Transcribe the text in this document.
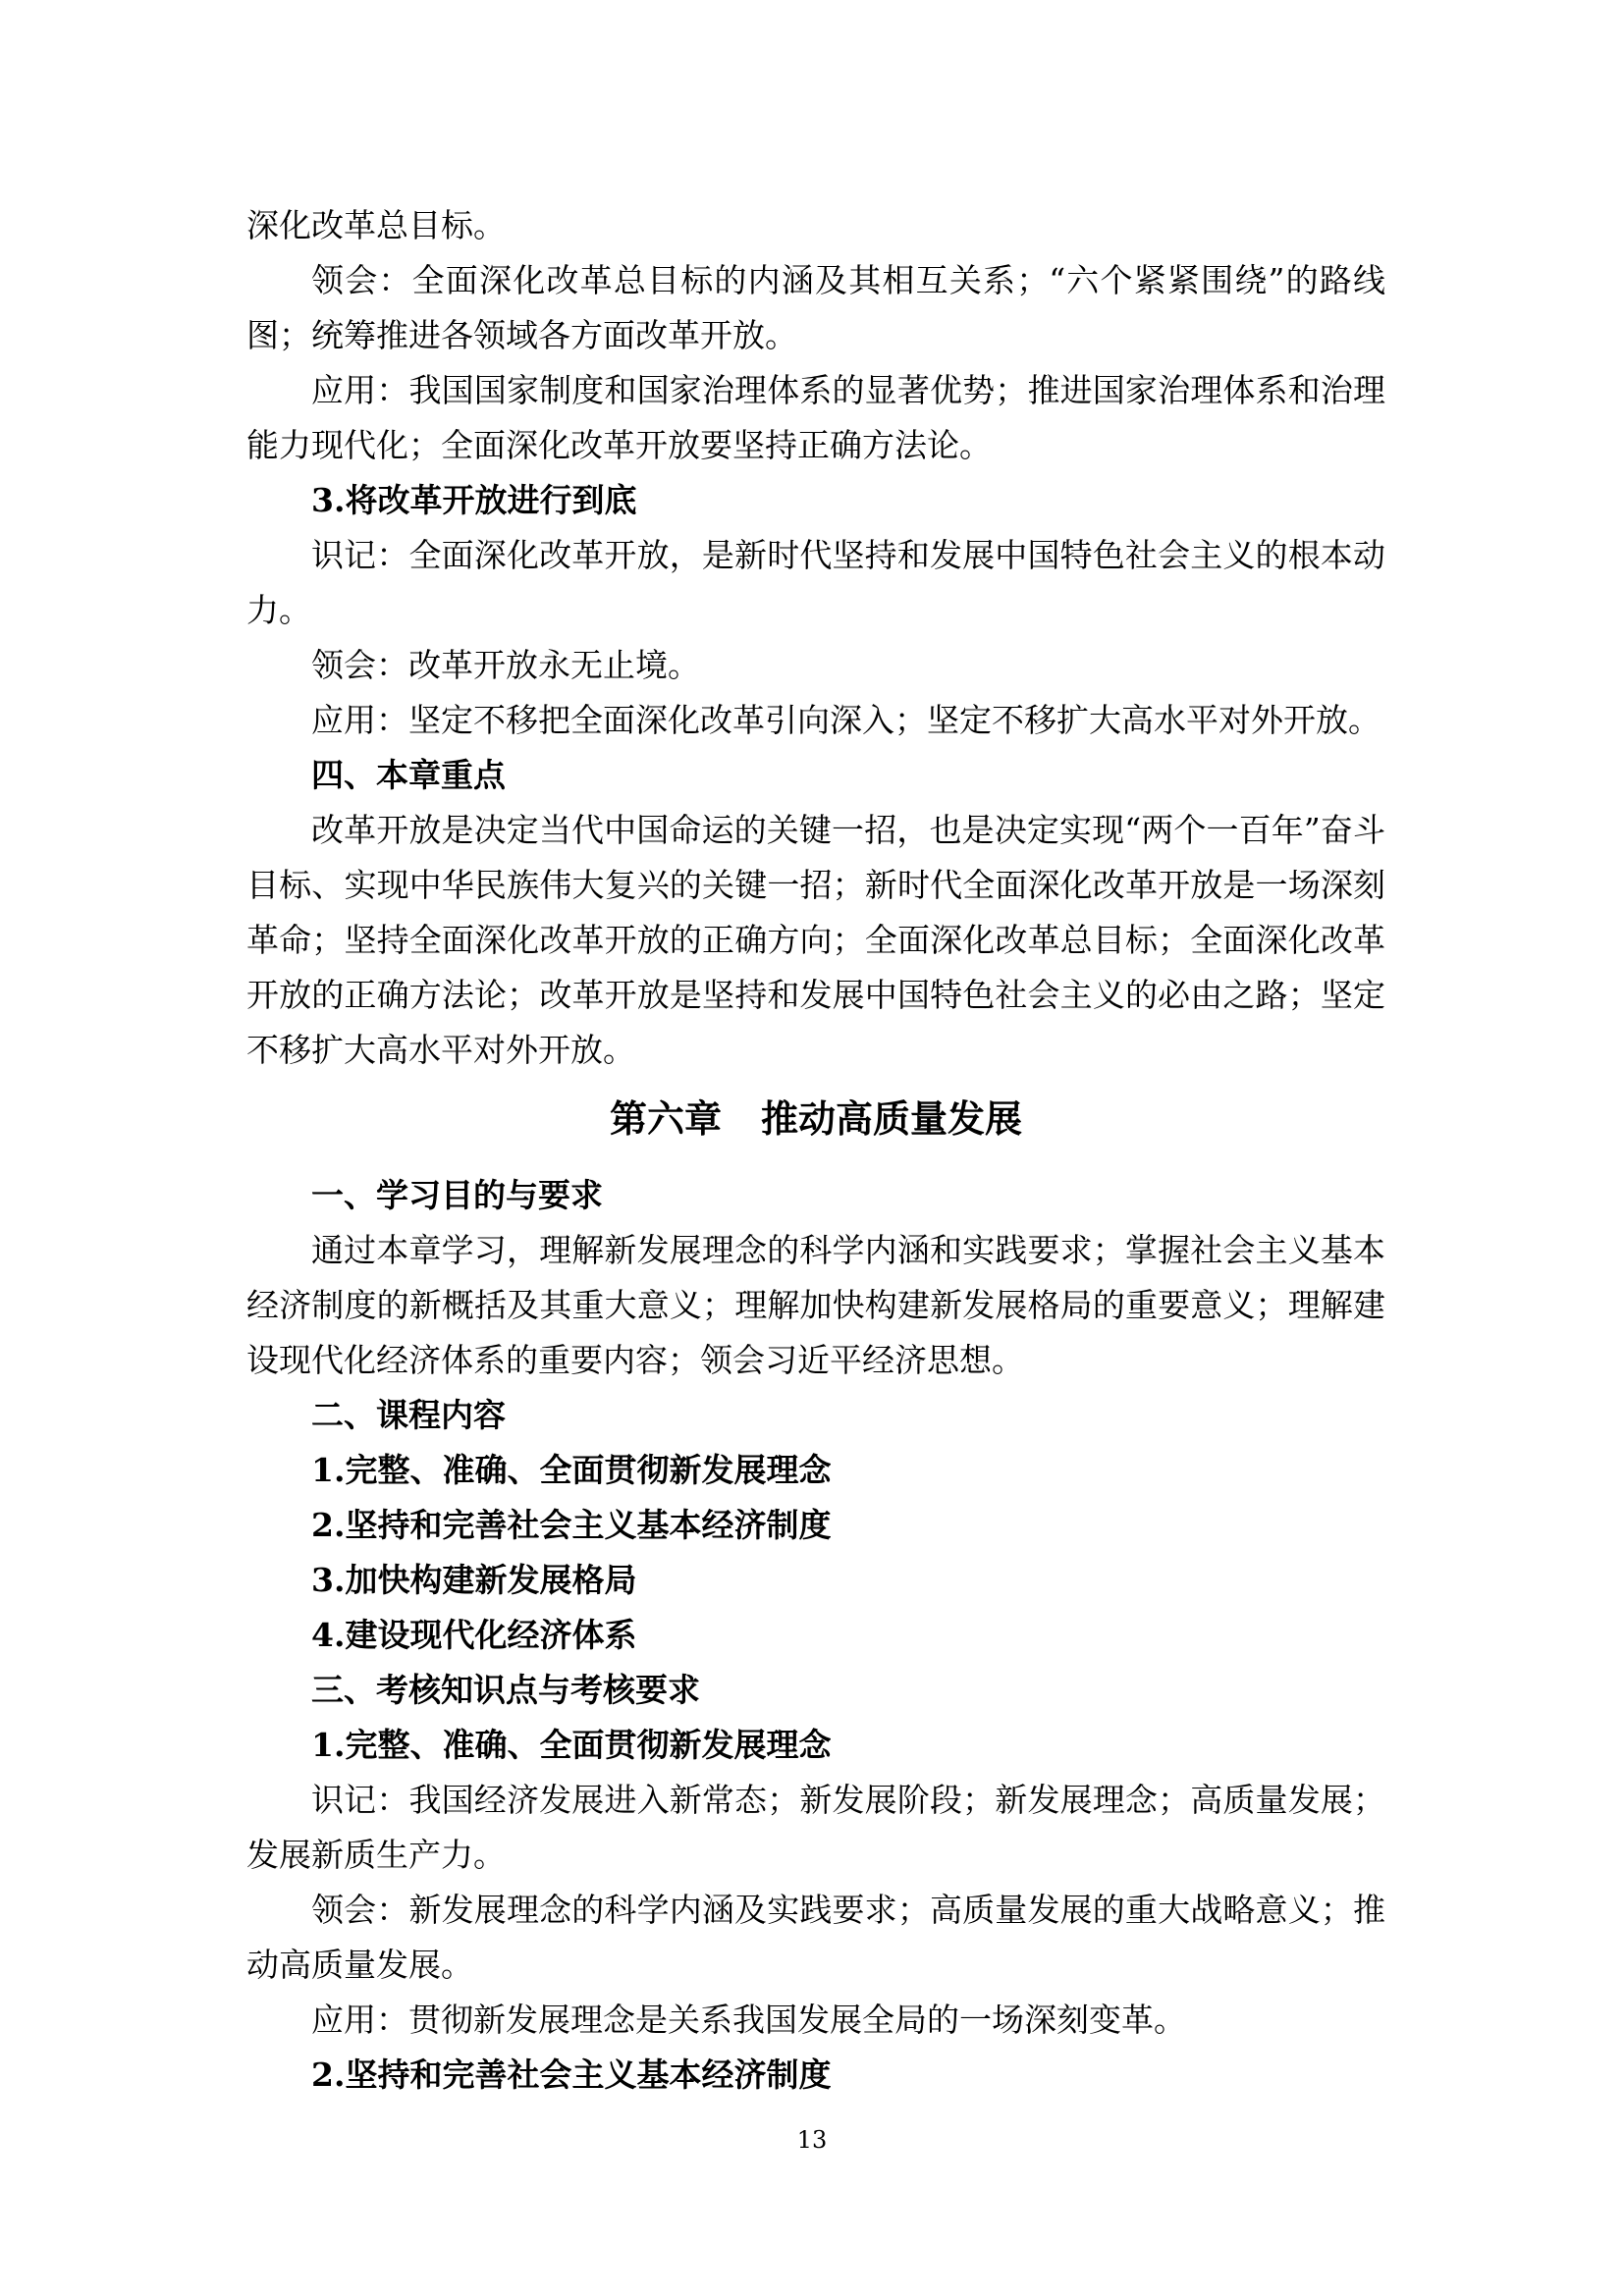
深化改革总目标。

领会：全面深化改革总目标的内涵及其相互关系；“六个紧紧围绕”的路线图；统筹推进各领域各方面改革开放。

应用：我国国家制度和国家治理体系的显著优势；推进国家治理体系和治理能力现代化；全面深化改革开放要坚持正确方法论。

3.将改革开放进行到底

识记：全面深化改革开放，是新时代坚持和发展中国特色社会主义的根本动力。

领会：改革开放永无止境。

应用：坚定不移把全面深化改革引向深入；坚定不移扩大高水平对外开放。

四、本章重点

改革开放是决定当代中国命运的关键一招，也是决定实现“两个一百年”奋斗目标、实现中华民族伟大复兴的关键一招；新时代全面深化改革开放是一场深刻革命；坚持全面深化改革开放的正确方向；全面深化改革总目标；全面深化改革开放的正确方法论；改革开放是坚持和发展中国特色社会主义的必由之路；坚定不移扩大高水平对外开放。

第六章 推动高质量发展

一、学习目的与要求

通过本章学习，理解新发展理念的科学内涵和实践要求；掌握社会主义基本经济制度的新概括及其重大意义；理解加快构建新发展格局的重要意义；理解建设现代化经济体系的重要内容；领会习近平经济思想。

二、课程内容

1.完整、准确、全面贯彻新发展理念

2.坚持和完善社会主义基本经济制度

3.加快构建新发展格局

4.建设现代化经济体系

三、考核知识点与考核要求

1.完整、准确、全面贯彻新发展理念

识记：我国经济发展进入新常态；新发展阶段；新发展理念；高质量发展；发展新质生产力。

领会：新发展理念的科学内涵及实践要求；高质量发展的重大战略意义；推动高质量发展。

应用：贯彻新发展理念是关系我国发展全局的一场深刻变革。

2.坚持和完善社会主义基本经济制度

13
